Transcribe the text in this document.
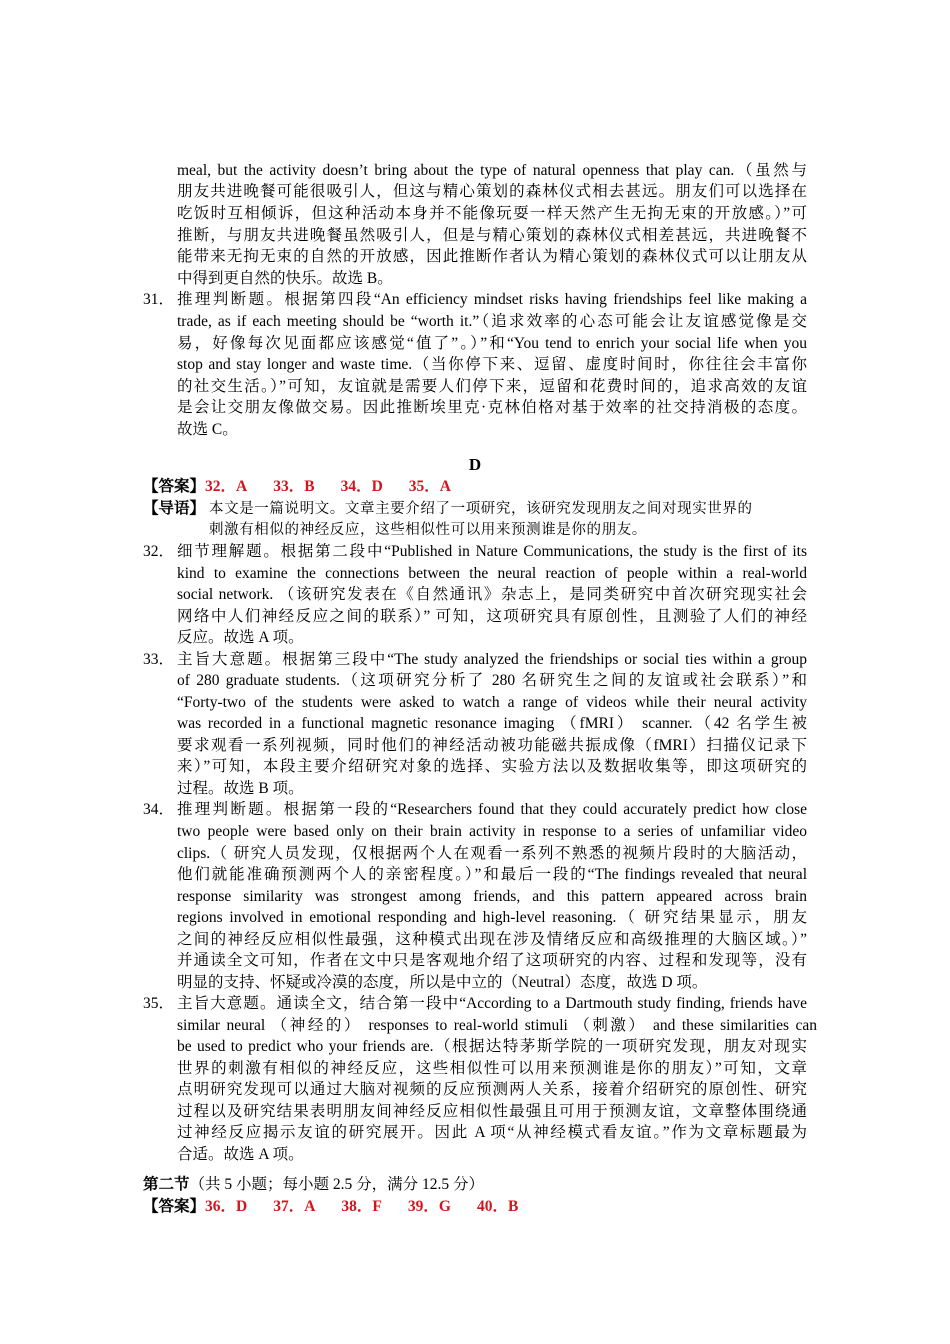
meal, but the activity doesn’t bring about the type of natural openness that play can.（虽然与
朋友共进晚餐可能很吸引人，但这与精心策划的森林仪式相去甚远。朋友们可以选择在
吃饭时互相倾诉，但这种活动本身并不能像玩耍一样天然产生无拘无束的开放感。）”可
推断，与朋友共进晚餐虽然吸引人，但是与精心策划的森林仪式相差甚远，共进晚餐不
能带来无拘无束的自然的开放感，因此推断作者认为精心策划的森林仪式可以让朋友从
中得到更自然的快乐。故选 B。
31． 推理判断题。根据第四段“An efficiency mindset risks having friendships feel like making a
trade, as if each meeting should be “worth it.”（追求效率的心态可能会让友谊感觉像是交
易，好像每次见面都应该感觉“值了”。）”和“You tend to enrich your social life when you
stop and stay longer and waste time.（当你停下来、逗留、虚度时间时，你往往会丰富你
的社交生活。）”可知，友谊就是需要人们停下来，逗留和花费时间的，追求高效的友谊
是会让交朋友像做交易。因此推断埃里克·克林伯格对基于效率的社交持消极的态度。
故选 C。
D
【答案】32．A 33．B 34．D 35．A
【导语】 本文是一篇说明文。文章主要介绍了一项研究，该研究发现朋友之间对现实世界的
刺激有相似的神经反应，这些相似性可以用来预测谁是你的朋友。
32． 细节理解题。根据第二段中“Published in Nature Communications, the study is the first of its
kind to examine the connections between the neural reaction of people within a real-world
social network. （该研究发表在《自然通讯》杂志上，是同类研究中首次研究现实社会
网络中人们神经反应之间的联系）” 可知，这项研究具有原创性，且测验了人们的神经
反应。故选 A 项。
33． 主旨大意题。根据第三段中“The study analyzed the friendships or social ties within a group
of 280 graduate students.（这项研究分析了 280 名研究生之间的友谊或社会联系）”和
“Forty-two of the students were asked to watch a range of videos while their neural activity
was recorded in a functional magnetic resonance imaging （fMRI） scanner.（42 名学生被
要求观看一系列视频，同时他们的神经活动被功能磁共振成像（fMRI）扫描仪记录下
来）”可知，本段主要介绍研究对象的选择、实验方法以及数据收集等，即这项研究的
过程。故选 B 项。
34． 推理判断题。根据第一段的“Researchers found that they could accurately predict how close
two people were based only on their brain activity in response to a series of unfamiliar video
clips.（ 研究人员发现，仅根据两个人在观看一系列不熟悉的视频片段时的大脑活动，
他们就能准确预测两个人的亲密程度。）”和最后一段的“The findings revealed that neural
response similarity was strongest among friends, and this pattern appeared across brain
regions involved in emotional responding and high-level reasoning.（ 研究结果显示，朋友
之间的神经反应相似性最强，这种模式出现在涉及情绪反应和高级推理的大脑区域。）”
并通读全文可知，作者在文中只是客观地介绍了这项研究的内容、过程和发现等，没有
明显的支持、怀疑或冷漠的态度，所以是中立的（Neutral）态度，故选 D 项。
35． 主旨大意题。通读全文，结合第一段中“According to a Dartmouth study finding, friends have
similar neural （神经的） responses to real-world stimuli （刺激） and these similarities can
be used to predict who your friends are.（根据达特茅斯学院的一项研究发现，朋友对现实
世界的刺激有相似的神经反应，这些相似性可以用来预测谁是你的朋友）”可知，文章
点明研究发现可以通过大脑对视频的反应预测两人关系，接着介绍研究的原创性、研究
过程以及研究结果表明朋友间神经反应相似性最强且可用于预测友谊，文章整体围绕通
过神经反应揭示友谊的研究展开。因此 A 项“从神经模式看友谊。”作为文章标题最为
合适。故选 A 项。
第二节（共 5 小题；每小题 2.5 分，满分 12.5 分）
【答案】36．D 37．A 38．F 39．G 40．B
